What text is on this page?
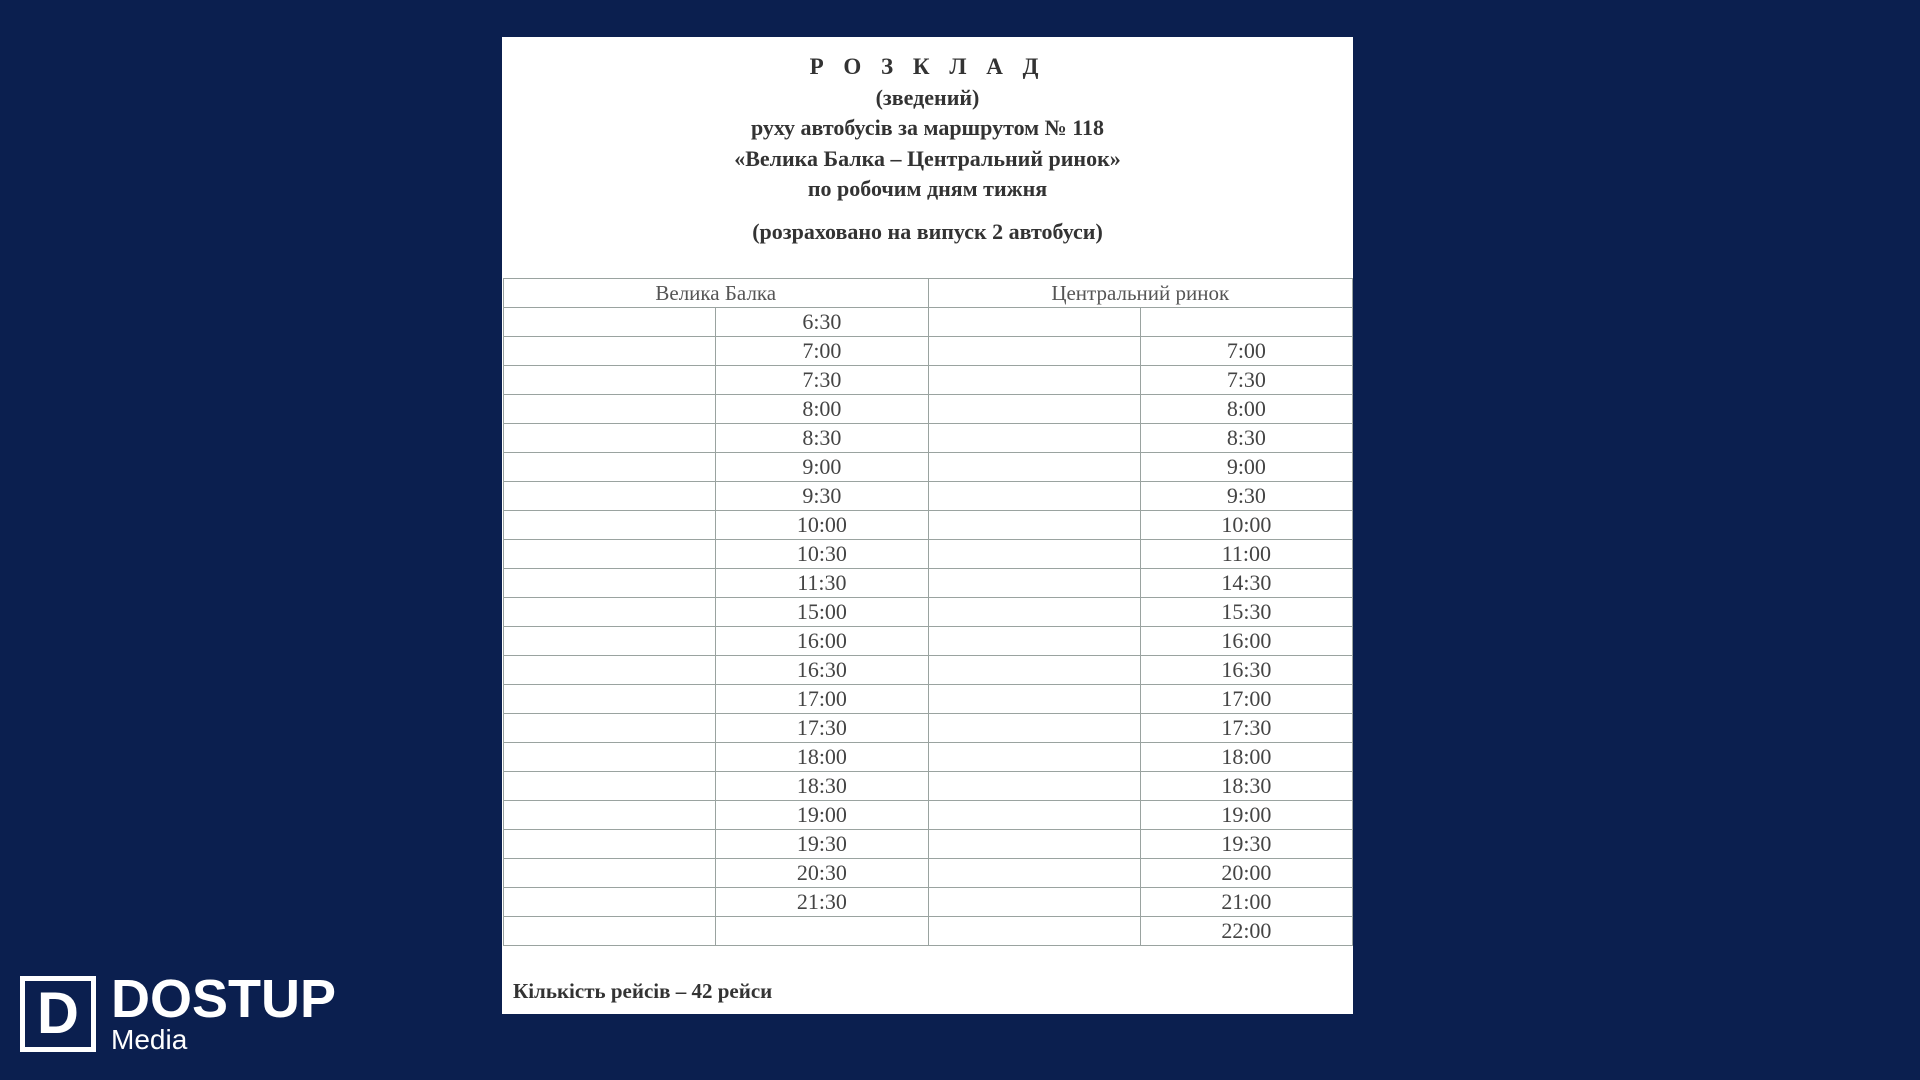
Р О З К Л А Д
(зведений)
руху автобусів за маршрутом № 118
«Велика Балка – Центральний ринок»
по робочим дням тижня
(розраховано на випуск 2 автобуси)
Велика Балка		Центральний ринок	
	6:30		
	7:00		7:00
	7:30		7:30
	8:00		8:00
	8:30		8:30
	9:00		9:00
	9:30		9:30
	10:00		10:00
	10:30		11:00
	11:30		14:30
	15:00		15:30
	16:00		16:00
	16:30		16:30
	17:00		17:00
	17:30		17:30
	18:00		18:00
	18:30		18:30
	19:00		19:00
	19:30		19:30
	20:30		20:00
	21:30		21:00
			22:00
Кількість рейсів – 42 рейси
D DOSTUP
Media
